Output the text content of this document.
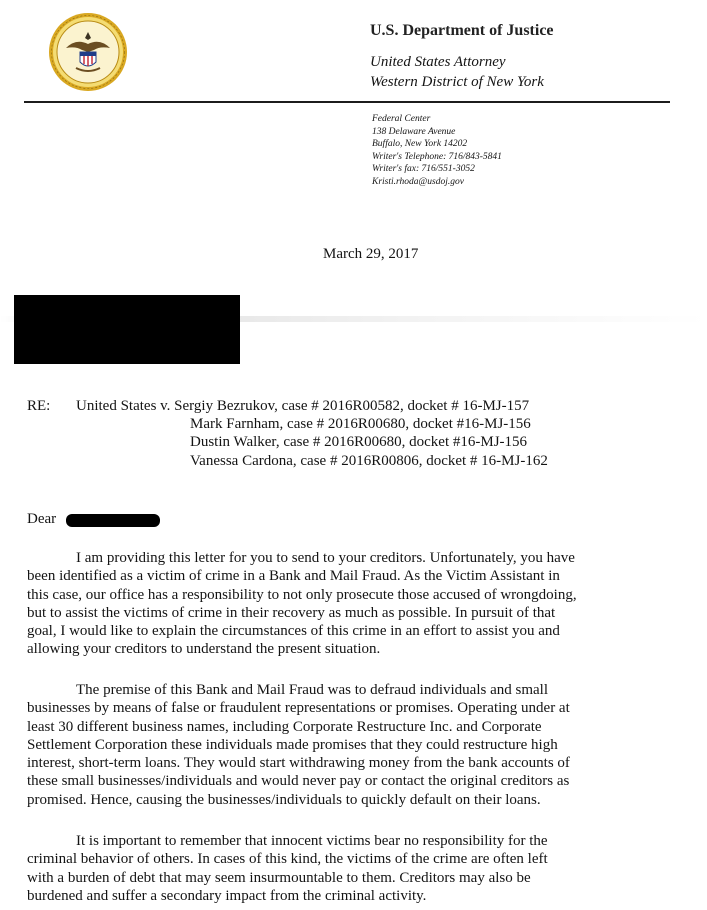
U.S. Department of Justice
United States Attorney
Western District of New York
Federal Center
138 Delaware Avenue
Buffalo, New York 14202
Writer's Telephone: 716/843-5841
Writer's fax: 716/551-3052
Kristi.rhoda@usdoj.gov
March 29, 2017
RE: United States v. Sergiy Bezrukov, case # 2016R00582, docket # 16-MJ-157
Mark Farnham, case # 2016R00680, docket #16-MJ-156
Dustin Walker, case # 2016R00680, docket #16-MJ-156
Vanessa Cardona, case # 2016R00806, docket # 16-MJ-162
Dear
I am providing this letter for you to send to your creditors. Unfortunately, you have
been identified as a victim of crime in a Bank and Mail Fraud. As the Victim Assistant in
this case, our office has a responsibility to not only prosecute those accused of wrongdoing,
but to assist the victims of crime in their recovery as much as possible. In pursuit of that
goal, I would like to explain the circumstances of this crime in an effort to assist you and
allowing your creditors to understand the present situation.
The premise of this Bank and Mail Fraud was to defraud individuals and small
businesses by means of false or fraudulent representations or promises. Operating under at
least 30 different business names, including Corporate Restructure Inc. and Corporate
Settlement Corporation these individuals made promises that they could restructure high
interest, short-term loans. They would start withdrawing money from the bank accounts of
these small businesses/individuals and would never pay or contact the original creditors as
promised. Hence, causing the businesses/individuals to quickly default on their loans.
It is important to remember that innocent victims bear no responsibility for the
criminal behavior of others. In cases of this kind, the victims of the crime are often left
with a burden of debt that may seem insurmountable to them. Creditors may also be
burdened and suffer a secondary impact from the criminal activity.
